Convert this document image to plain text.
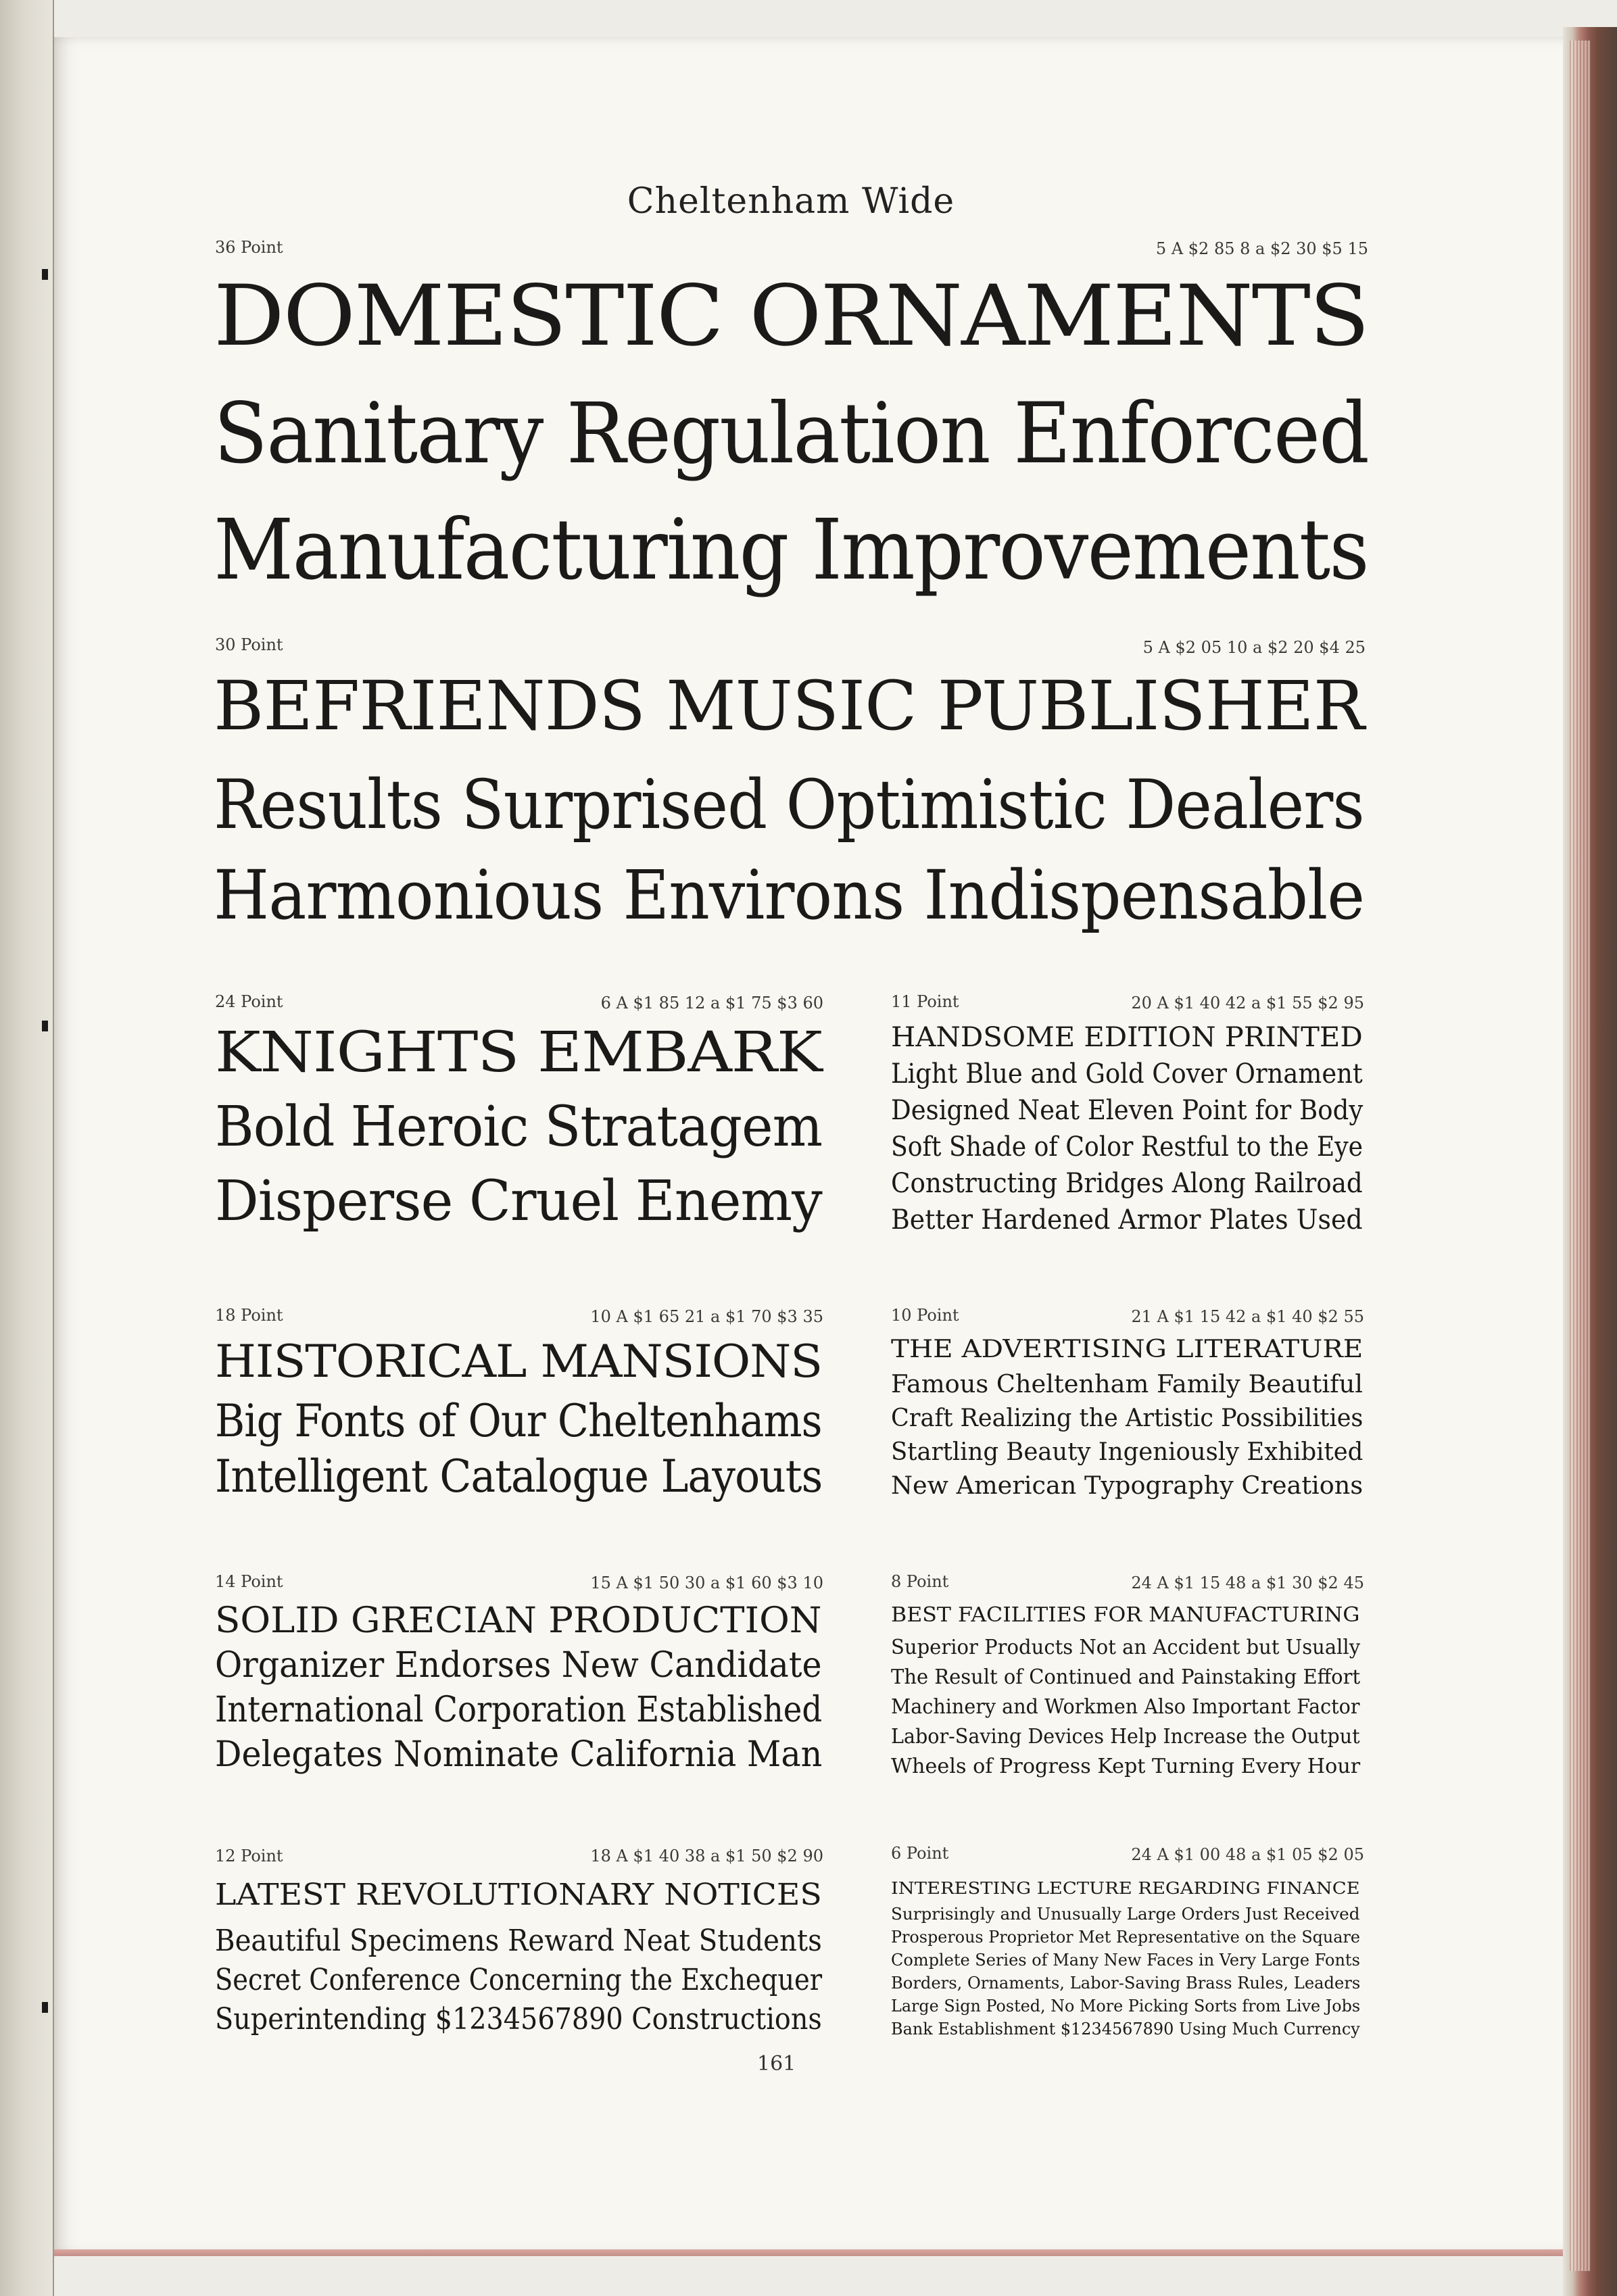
Cheltenham Wide
36 Point	5 A $2 85 8 a $2 30 $5 15
DOMESTIC ORNAMENTS
Sanitary Regulation Enforced
Manufacturing Improvements
30 Point	5 A $2 05 10 a $2 20 $4 25
BEFRIENDS MUSIC PUBLISHER
Results Surprised Optimistic Dealers
Harmonious Environs Indispensable
24 Point	6 A $1 85 12 a $1 75 $3 60
KNIGHTS EMBARK
Bold Heroic Stratagem
Disperse Cruel Enemy
11 Point	20 A $1 40 42 a $1 55 $2 95
HANDSOME EDITION PRINTED
Light Blue and Gold Cover Ornament
Designed Neat Eleven Point for Body
Soft Shade of Color Restful to the Eye
Constructing Bridges Along Railroad
Better Hardened Armor Plates Used
18 Point	10 A $1 65 21 a $1 70 $3 35
HISTORICAL MANSIONS
Big Fonts of Our Cheltenhams
Intelligent Catalogue Layouts
10 Point	21 A $1 15 42 a $1 40 $2 55
THE ADVERTISING LITERATURE
Famous Cheltenham Family Beautiful
Craft Realizing the Artistic Possibilities
Startling Beauty Ingeniously Exhibited
New American Typography Creations
14 Point	15 A $1 50 30 a $1 60 $3 10
SOLID GRECIAN PRODUCTION
Organizer Endorses New Candidate
International Corporation Established
Delegates Nominate California Man
8 Point	24 A $1 15 48 a $1 30 $2 45
BEST FACILITIES FOR MANUFACTURING
Superior Products Not an Accident but Usually
The Result of Continued and Painstaking Effort
Machinery and Workmen Also Important Factor
Labor-Saving Devices Help Increase the Output
Wheels of Progress Kept Turning Every Hour
12 Point	18 A $1 40 38 a $1 50 $2 90
LATEST REVOLUTIONARY NOTICES
Beautiful Specimens Reward Neat Students
Secret Conference Concerning the Exchequer
Superintending $1234567890 Constructions
6 Point	24 A $1 00 48 a $1 05 $2 05
INTERESTING LECTURE REGARDING FINANCE
Surprisingly and Unusually Large Orders Just Received
Prosperous Proprietor Met Representative on the Square
Complete Series of Many New Faces in Very Large Fonts
Borders, Ornaments, Labor-Saving Brass Rules, Leaders
Large Sign Posted, No More Picking Sorts from Live Jobs
Bank Establishment $1234567890 Using Much Currency
161
